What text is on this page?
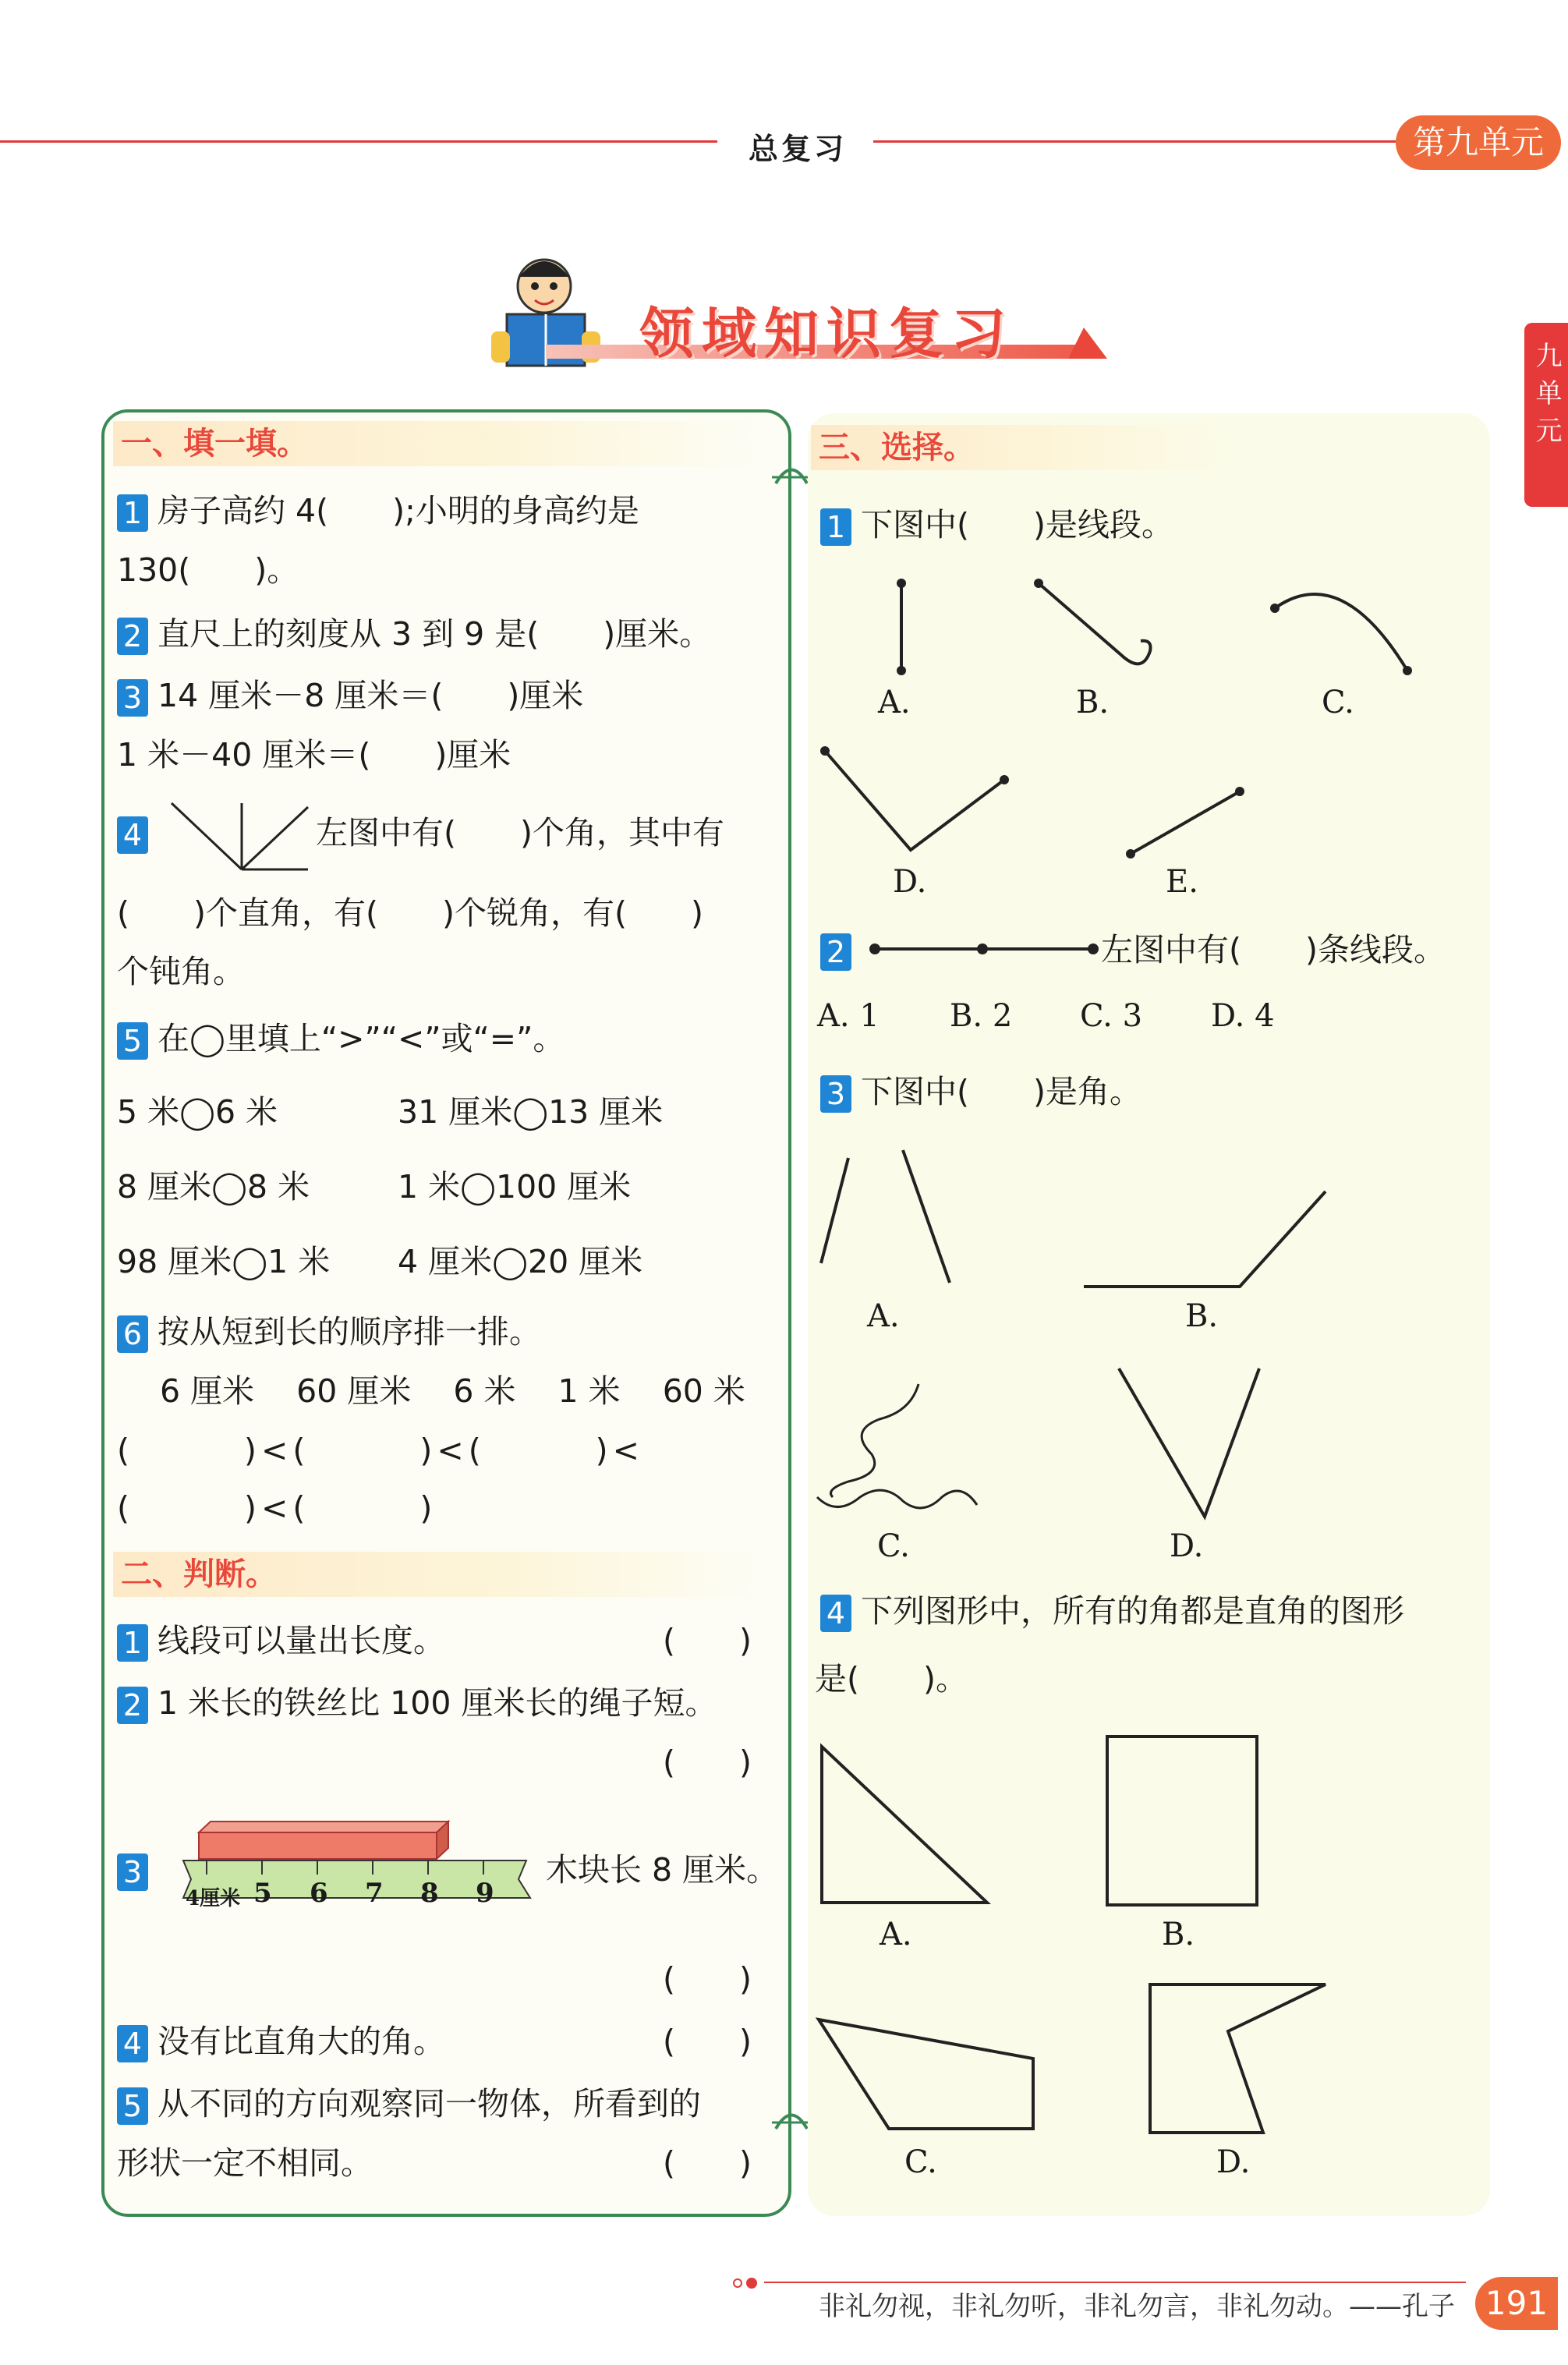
总复习	第九单元
九单元
领域知识复习
一、填一填。
1 房子高约 4(　　);小明的身高约是
130(　　)。
2 直尺上的刻度从 3 到 9 是(　　)厘米。
3 14 厘米－8 厘米＝(　　)厘米
1 米－40 厘米＝(　　)厘米
4	左图中有(　　)个角，其中有
(　　)个直角，有(　　)个锐角，有(　　)
个钝角。
5 在◯里填上“>”“<”或“=”。
5 米◯6 米	31 厘米◯13 厘米
8 厘米◯8 米	1 米◯100 厘米
98 厘米◯1 米 4 厘米◯20 厘米
6 按从短到长的顺序排一排。
6 厘米　 60 厘米　 6 米　 1 米　 60 米
(　　　)<(　　　)<(　　　)<
(　　　)<(　　　)
二、判断。
1 线段可以量出长度。	(　　)
2 1 米长的铁丝比 100 厘米长的绳子短。
(　　)
3
4厘米 5 6 7 8 9
木块长 8 厘米。
(　　)
4 没有比直角大的角。	(　　)
5 从不同的方向观察同一物体，所看到的
形状一定不相同。	(　　)
三、选择。
1 下图中(　　)是线段。
A.	B.	C.
D.	E.
2	左图中有(　　)条线段。
A. 1 B. 2 C. 3 D. 4
3 下图中(　　)是角。
A.	B.
C.	D.
4 下列图形中，所有的角都是直角的图形
是(　　)。
A.	B.
C.	D.
非礼勿视，非礼勿听，非礼勿言，非礼勿动。——孔子 191
